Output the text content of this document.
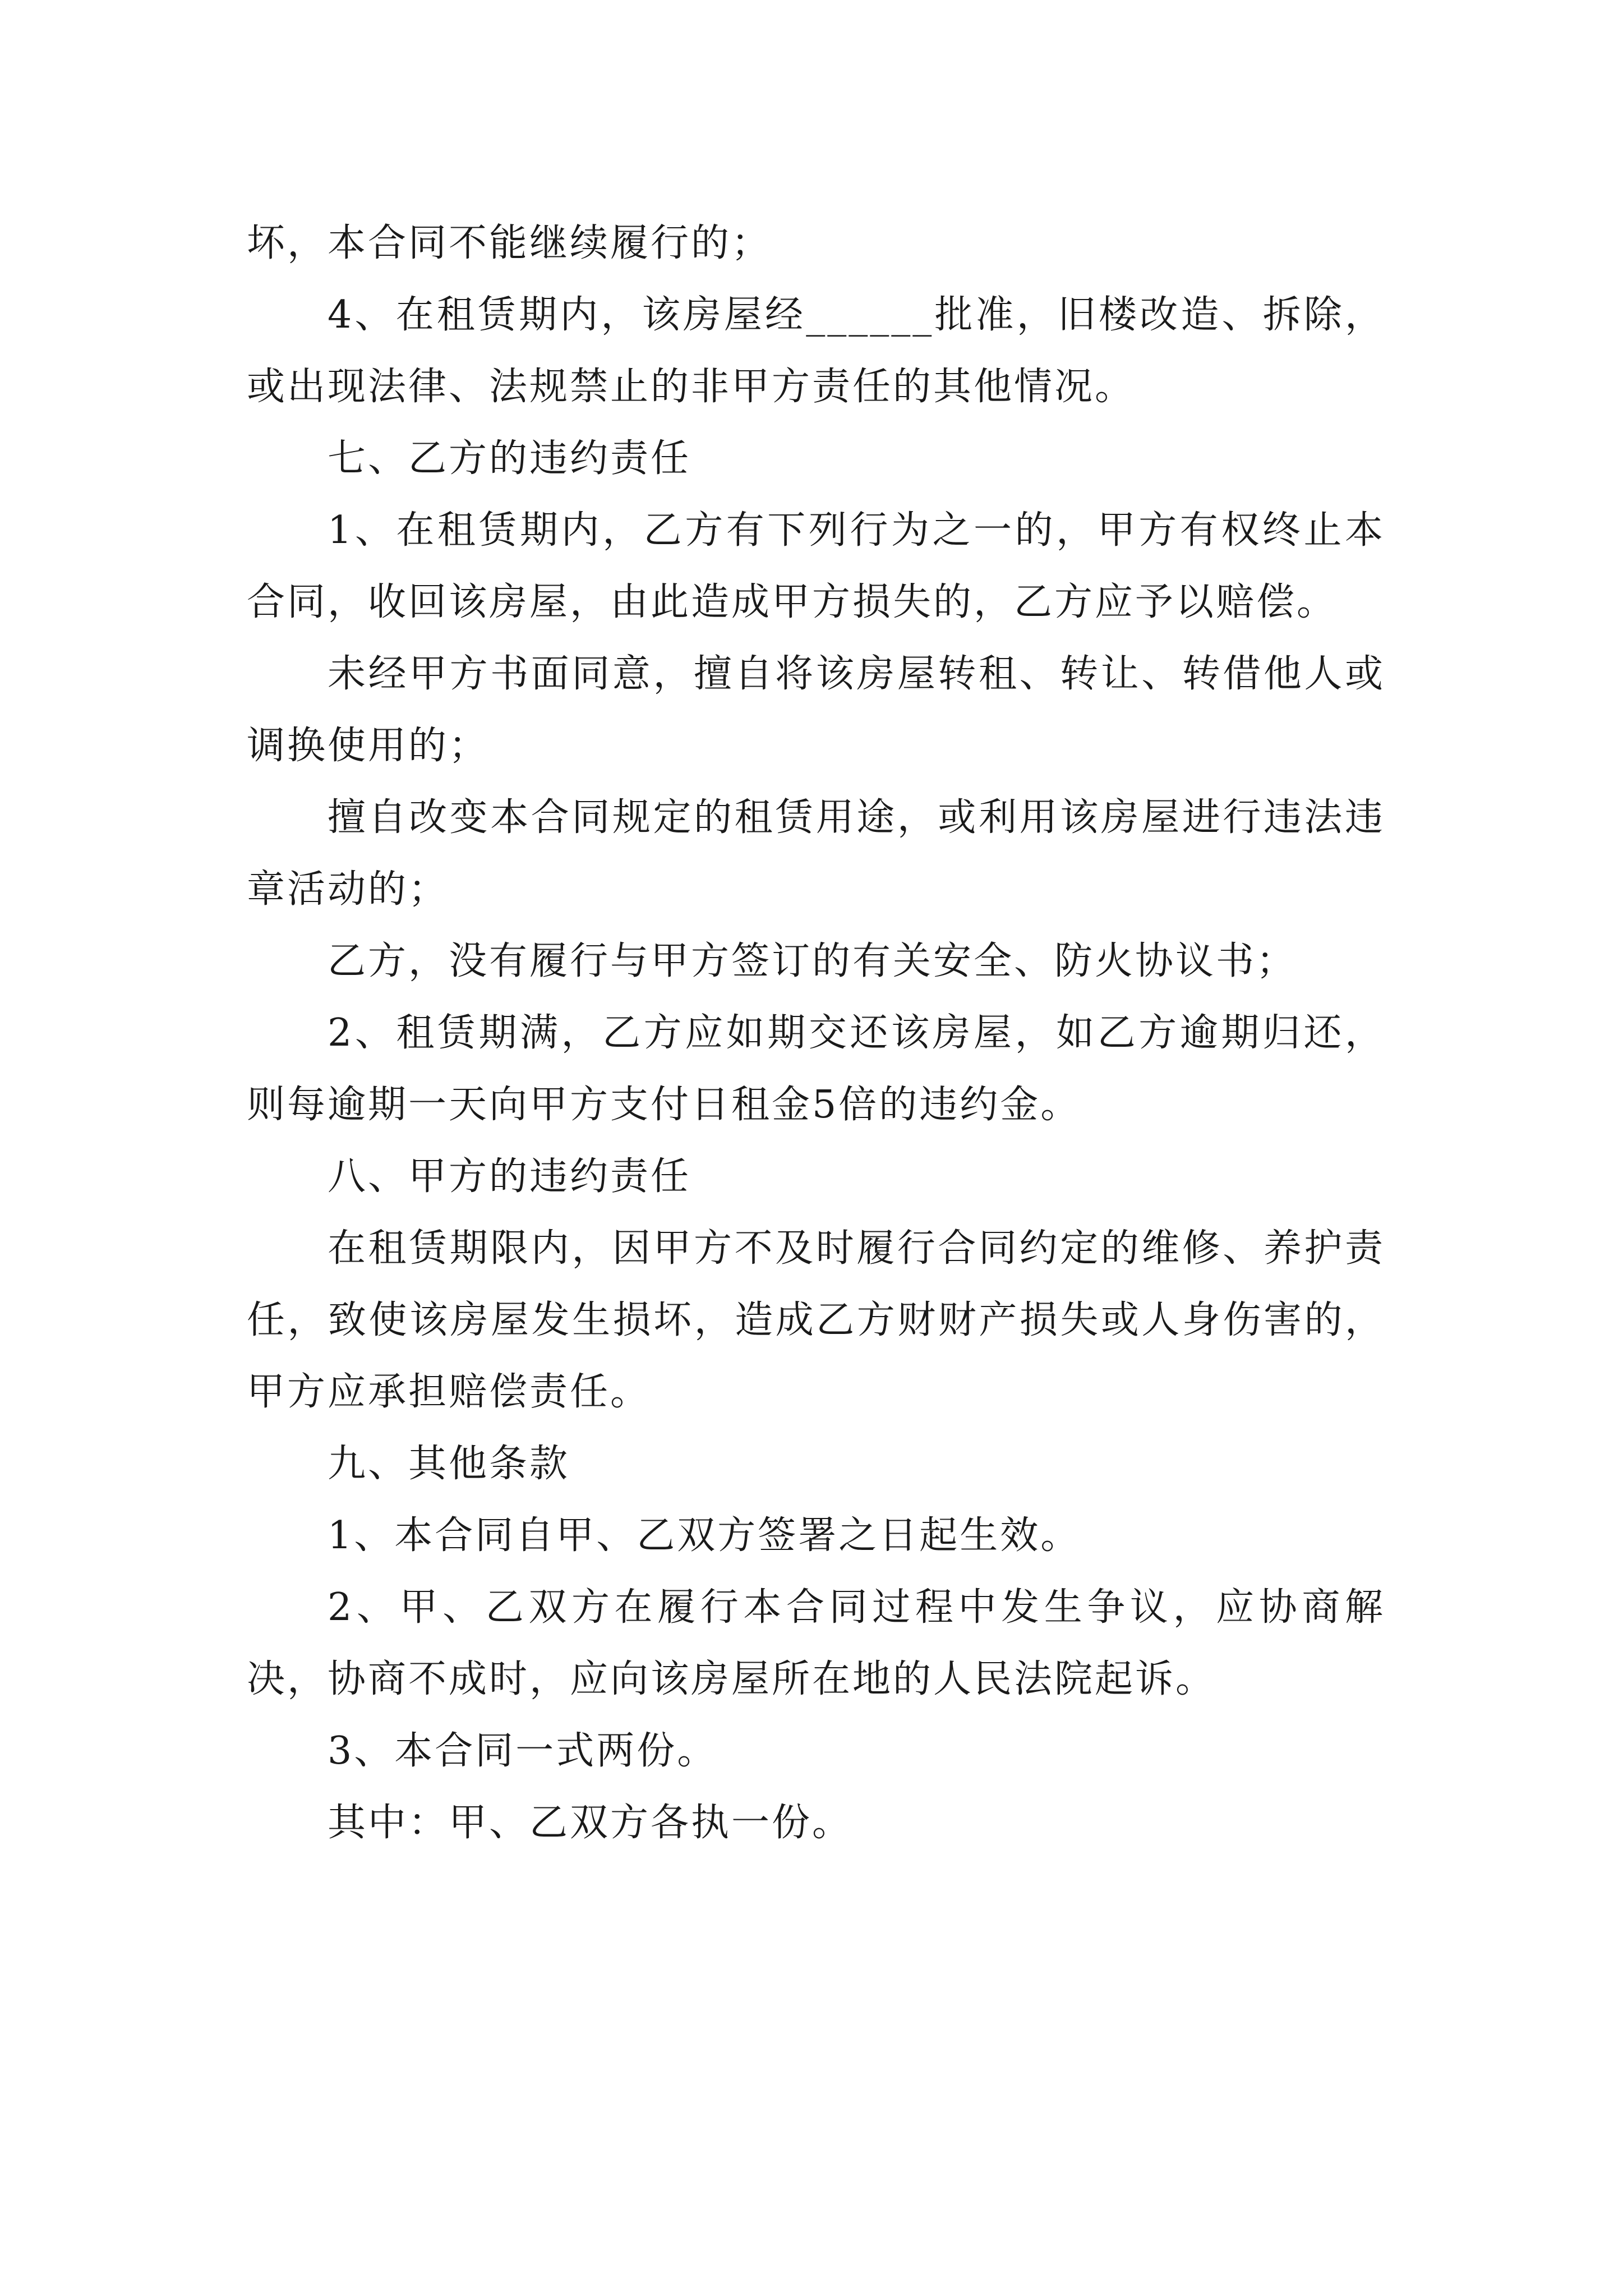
坏，本合同不能继续履行的；

4、在租赁期内，该房屋经______批准，旧楼改造、拆除，或出现法律、法规禁止的非甲方责任的其他情况。

七、乙方的违约责任

1、在租赁期内，乙方有下列行为之一的，甲方有权终止本合同，收回该房屋，由此造成甲方损失的，乙方应予以赔偿。

未经甲方书面同意，擅自将该房屋转租、转让、转借他人或调换使用的；

擅自改变本合同规定的租赁用途，或利用该房屋进行违法违章活动的；

乙方，没有履行与甲方签订的有关安全、防火协议书；

2、租赁期满，乙方应如期交还该房屋，如乙方逾期归还，则每逾期一天向甲方支付日租金5倍的违约金。

八、甲方的违约责任

在租赁期限内，因甲方不及时履行合同约定的维修、养护责任，致使该房屋发生损坏，造成乙方财财产损失或人身伤害的，甲方应承担赔偿责任。

九、其他条款

1、本合同自甲、乙双方签署之日起生效。

2、甲、乙双方在履行本合同过程中发生争议，应协商解决，协商不成时，应向该房屋所在地的人民法院起诉。

3、本合同一式两份。

其中：甲、乙双方各执一份。
